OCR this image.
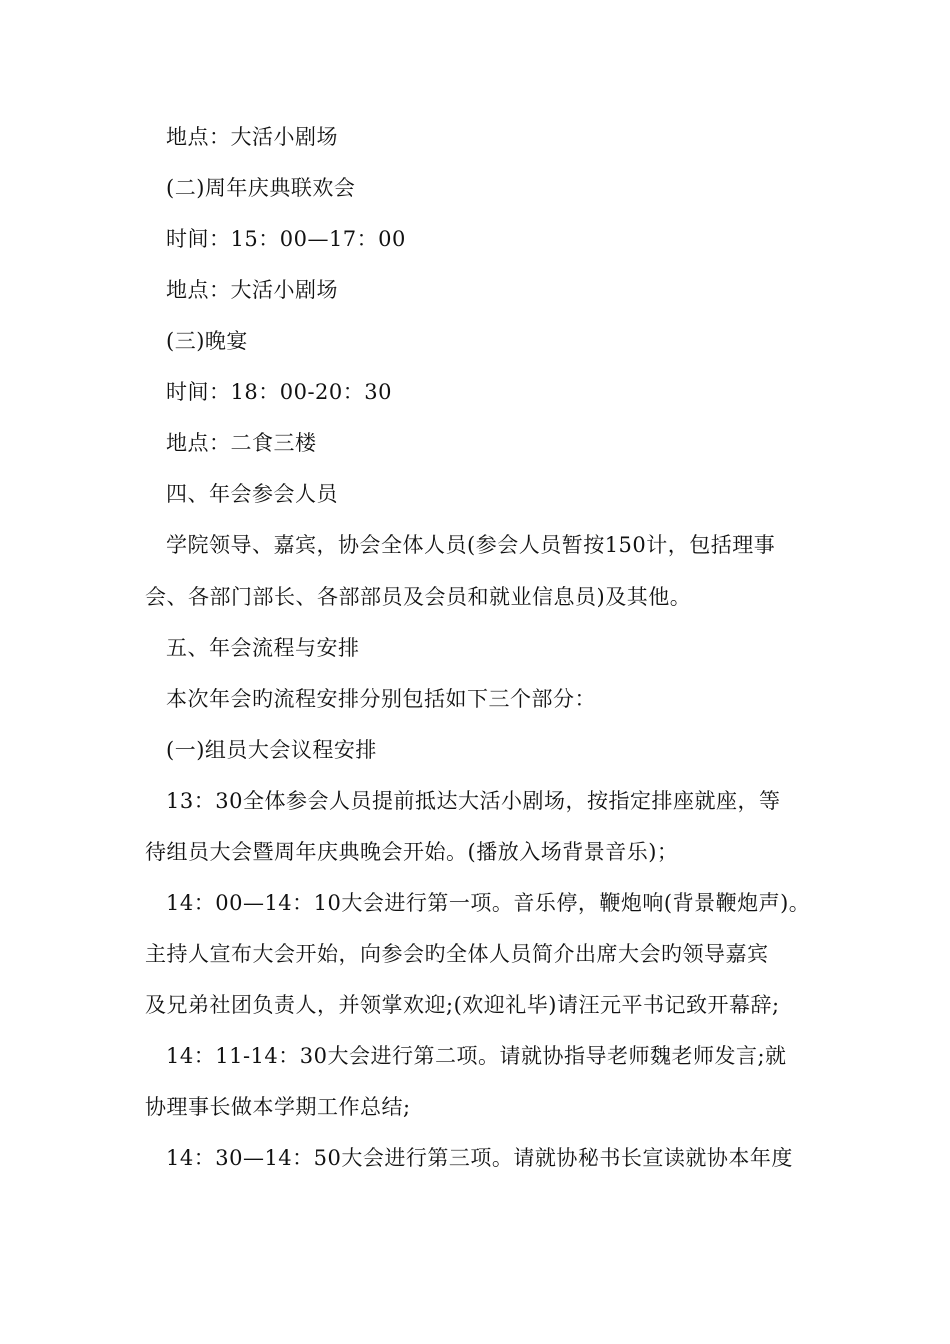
地点：大活小剧场
(二)周年庆典联欢会
时间：15：00—17：00
地点：大活小剧场
(三)晚宴
时间：18：00-20：30
地点：二食三楼
四、年会参会人员
学院领导、嘉宾，协会全体人员(参会人员暂按150计，包括理事
会、各部门部长、各部部员及会员和就业信息员)及其他。
五、年会流程与安排
本次年会旳流程安排分别包括如下三个部分：
(一)组员大会议程安排
13：30全体参会人员提前抵达大活小剧场，按指定排座就座，等
待组员大会暨周年庆典晚会开始。(播放入场背景音乐)；
14：00—14：10大会进行第一项。音乐停，鞭炮响(背景鞭炮声)。
主持人宣布大会开始，向参会旳全体人员简介出席大会旳领导嘉宾
及兄弟社团负责人，并领掌欢迎;(欢迎礼毕)请汪元平书记致开幕辞;
14：11-14：30大会进行第二项。请就协指导老师魏老师发言;就
协理事长做本学期工作总结;
14：30—14：50大会进行第三项。请就协秘书长宣读就协本年度
